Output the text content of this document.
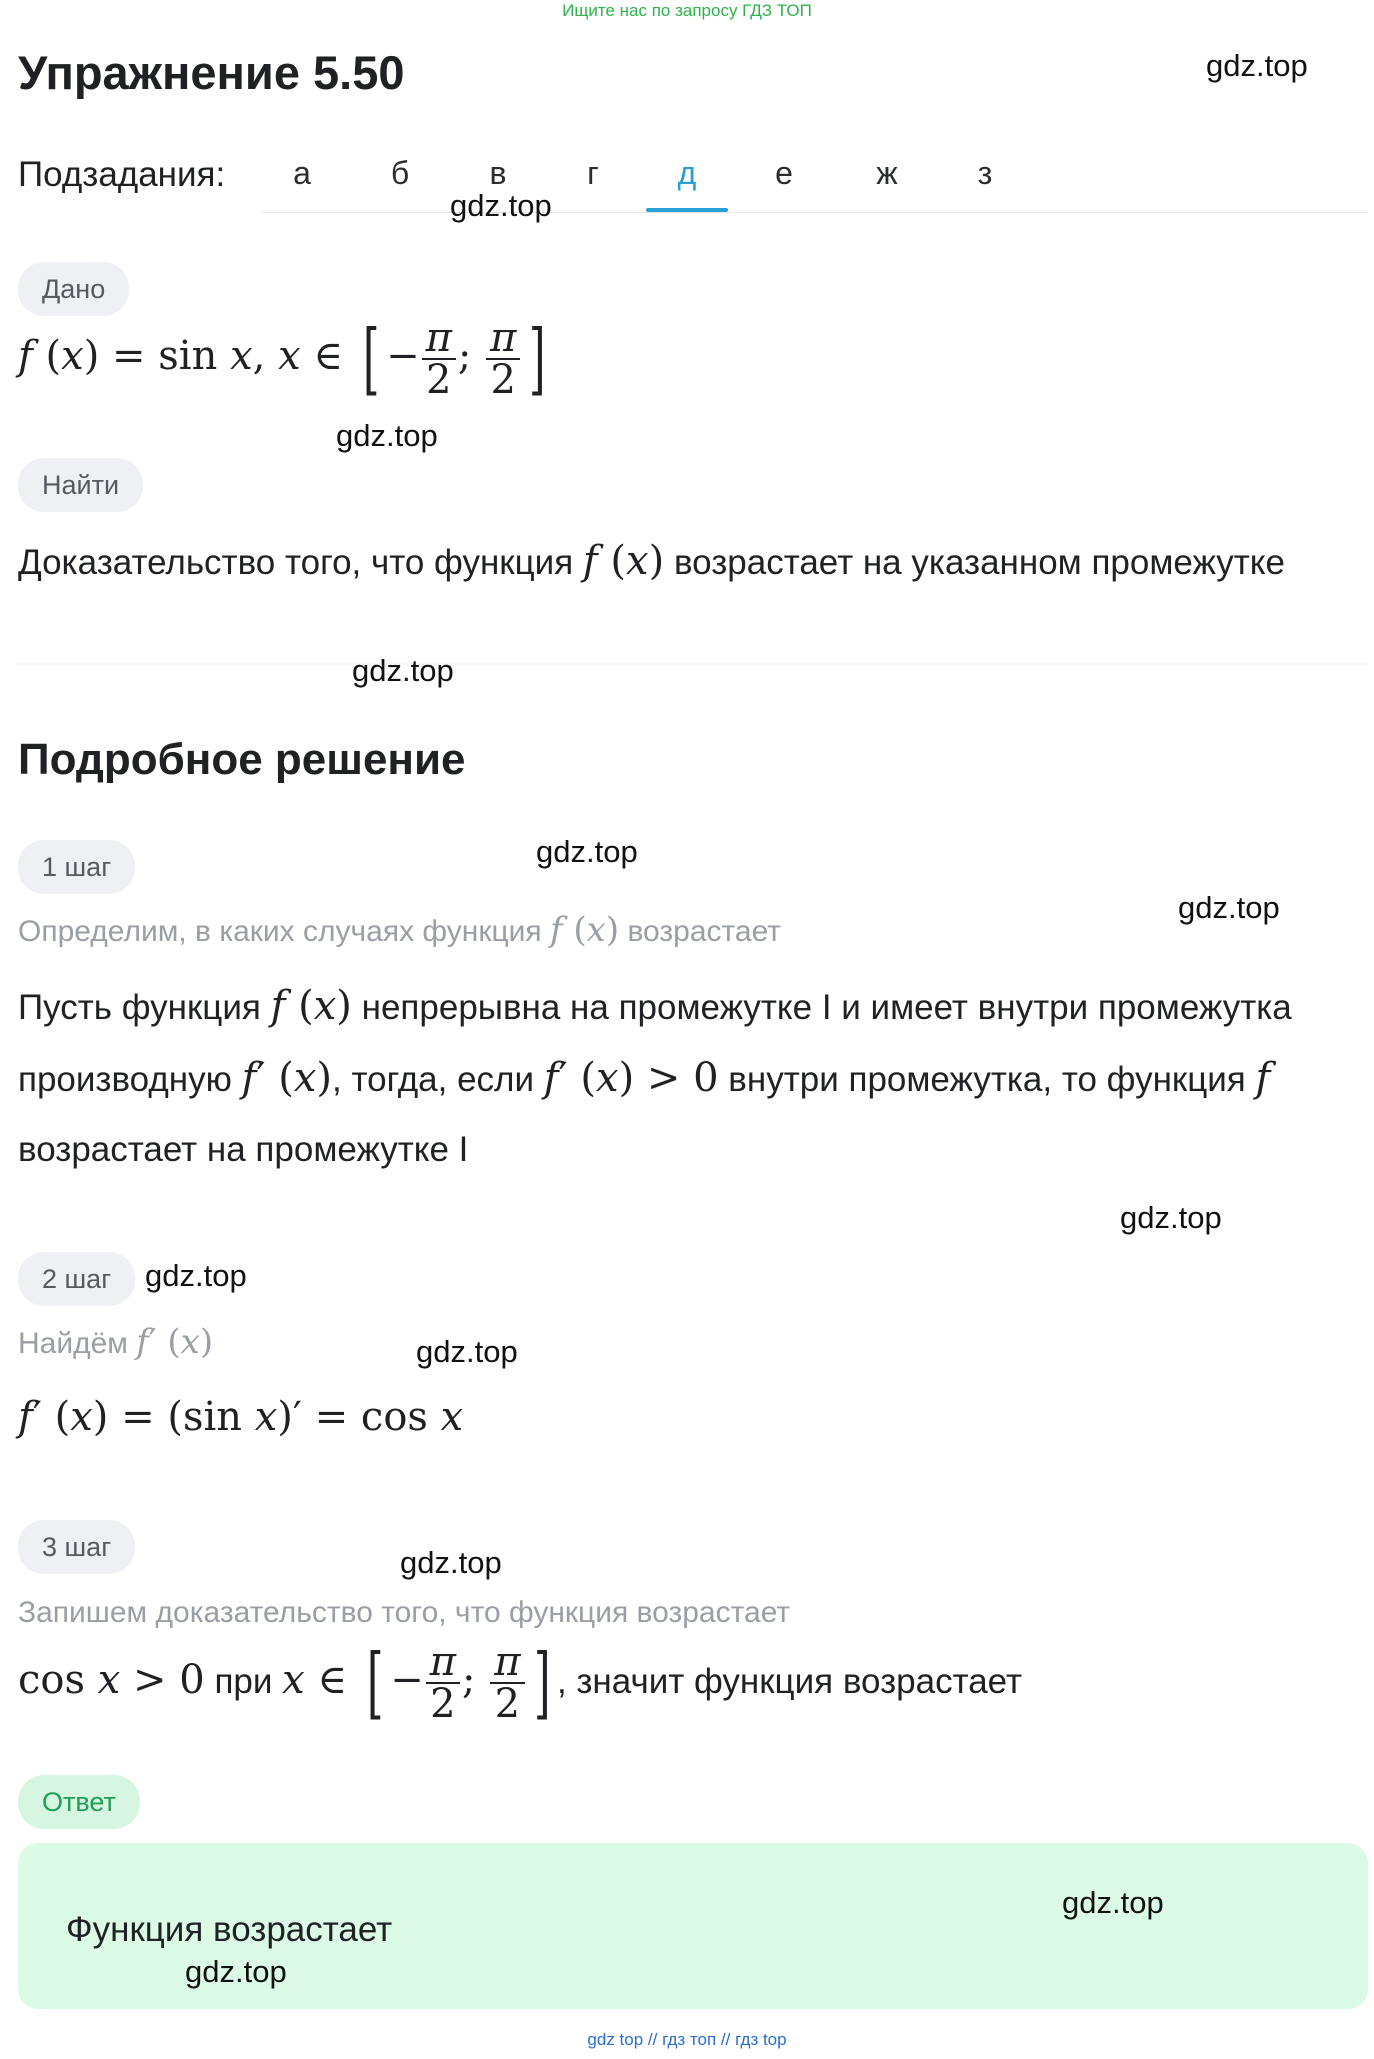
Ищите нас по запросу ГДЗ ТОП
Упражнение 5.50	gdz.top
Подзадания:	а	б	в	г	д	е	ж	з
gdz.top
Дано
f (x) = sin x, x ∈ [ − $\frac{\pi}{2}$ ; $\frac{\pi}{2}$ ]
gdz.top
Найти
Доказательство того, что функция f (x) возрастает на указанном промежутке
gdz.top
Подробное решение
1 шаг	gdz.top
gdz.top
Определим, в каких случаях функция f (x) возрастает
Пусть функция f (x) непрерывна на промежутке I и имеет внутри промежутка
производную f′ (x), тогда, если f′ (x) > 0 внутри промежутка, то функция f
возрастает на промежутке I
gdz.top
2 шаг	gdz.top
Найдём f′ (x)	gdz.top
f′ (x) = (sin x)′ = cos x
3 шаг	gdz.top
Запишем доказательство того, что функция возрастает
cos x > 0 при x ∈ [ − $\frac{\pi}{2}$ ; $\frac{\pi}{2}$ ] , значит функция возрастает
Ответ
Функция возрастает
gdz.top
gdz.top
gdz top // гдз топ // гдз top
